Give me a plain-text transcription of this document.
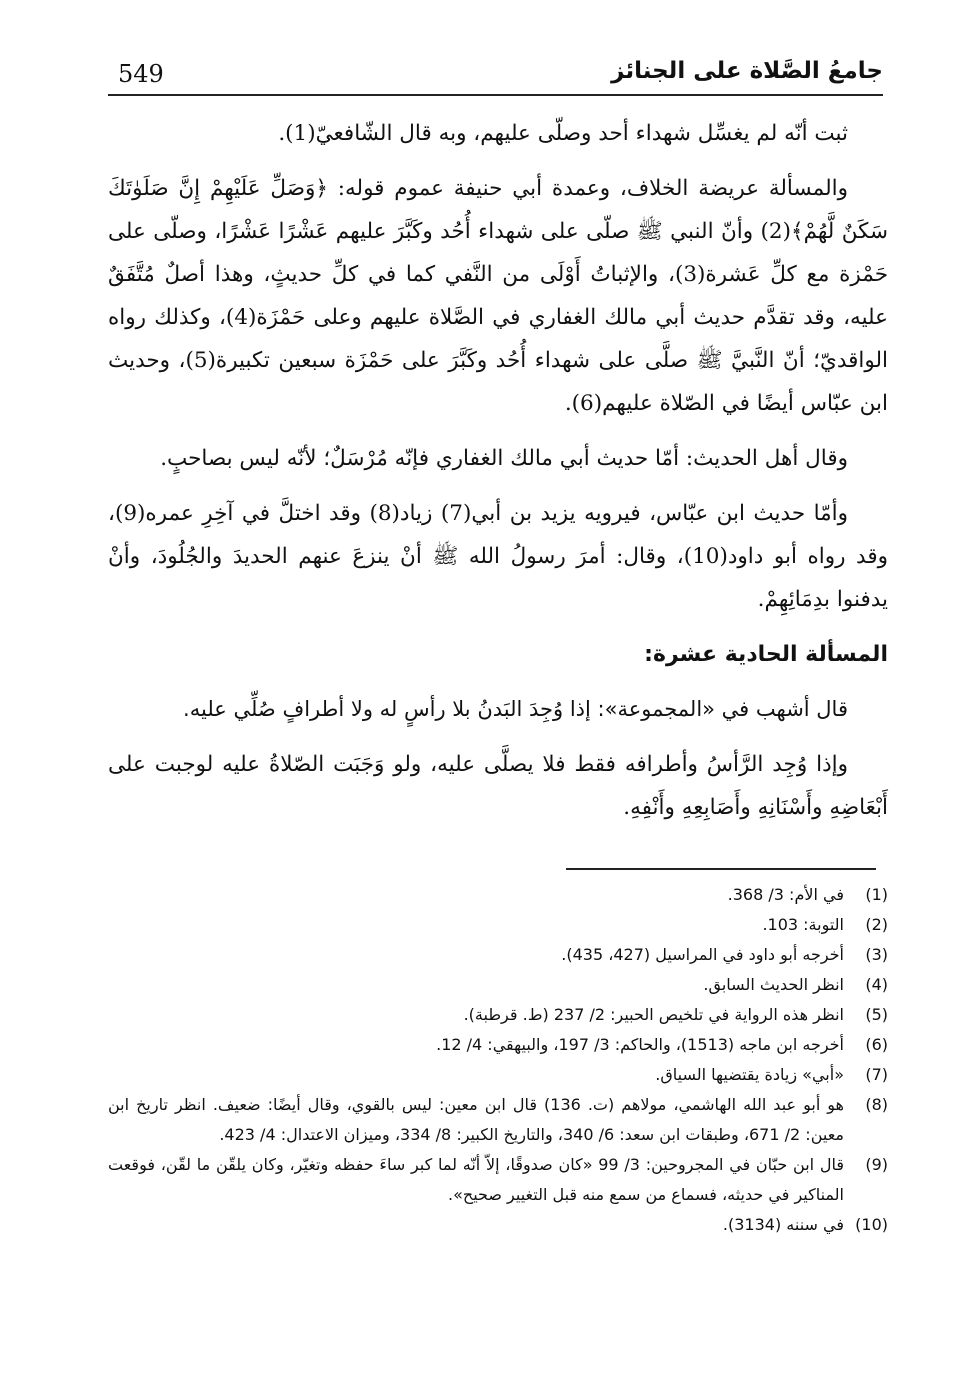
549	جامعُ الصَّلاة على الجنائز

ثبت أنّه لم يغسِّل شهداء أحد وصلّى عليهم، وبه قال الشّافعيّ(1).

والمسألة عريضة الخلاف، وعمدة أبي حنيفة عموم قوله: ﴿وَصَلِّ عَلَيْهِمْ إِنَّ صَلَوٰتَكَ سَكَنٌ لَّهُمْ﴾(2) وأنّ النبي ﷺ صلّى على شهداء أُحُد وكَبَّرَ عليهم عَشْرًا عَشْرًا، وصلّى على حَمْزة مع كلِّ عَشرة(3)، والإثباتُ أَوْلَى من النَّفي كما في كلِّ حديثٍ، وهذا أصلٌ مُتَّفَقٌ عليه، وقد تقدَّم حديث أبي مالك الغفاري في الصَّلاة عليهم وعلى حَمْزَة(4)، وكذلك رواه الواقديّ؛ أنّ النَّبيَّ ﷺ صلَّى على شهداء أُحُد وكَبَّرَ على حَمْزَة سبعين تكبيرة(5)، وحديث ابن عبّاس أيضًا في الصّلاة عليهم(6).

وقال أهل الحديث: أمّا حديث أبي مالك الغفاري فإنّه مُرْسَلٌ؛ لأنّه ليس بصاحبٍ.

وأمّا حديث ابن عبّاس، فيرويه يزيد بن أبي(7) زياد(8) وقد اختلَّ في آخِرِ عمره(9)، وقد رواه أبو داود(10)، وقال: أمرَ رسولُ الله ﷺ أنْ ينزعَ عنهم الحديدَ والجُلُودَ، وأنْ يدفنوا بدِمَائِهِمْ.

المسألة الحادية عشرة:

قال أشهب في «المجموعة»: إذا وُجِدَ البَدنُ بلا رأسٍ له ولا أطرافٍ صُلِّي عليه.

وإذا وُجِد الرَّأسُ وأطرافه فقط فلا يصلَّى عليه، ولو وَجَبَت الصّلاةُ عليه لوجبت على أَبْعَاضِهِ وأَسْنَانِهِ وأَصَابِعِهِ وأَنْفِهِ.

(1)
في الأم: 3/ 368.
(2)
التوبة: 103.
(3)
أخرجه أبو داود في المراسيل (427، 435).
(4)
انظر الحديث السابق.
(5)
انظر هذه الرواية في تلخيص الحبير: 2/ 237 (ط. قرطبة).
(6)
أخرجه ابن ماجه (1513)، والحاكم: 3/ 197، والبيهقي: 4/ 12.
(7)
«أبي» زيادة يقتضيها السياق.
(8)
هو أبو عبد الله الهاشمي، مولاهم (ت. 136) قال ابن معين: ليس بالقوي، وقال أيضًا: ضعيف. انظر تاريخ ابن معين: 2/ 671، وطبقات ابن سعد: 6/ 340، والتاريخ الكبير: 8/ 334، وميزان الاعتدال: 4/ 423.
(9)
قال ابن حبّان في المجروحين: 3/ 99 «كان صدوقًا، إلاّ أنّه لما كبر ساءَ حفظه وتغيّر، وكان يلقّن ما لقّن، فوقعت المناكير في حديثه، فسماع من سمع منه قبل التغيير صحيح».
(10)
في سننه (3134).
